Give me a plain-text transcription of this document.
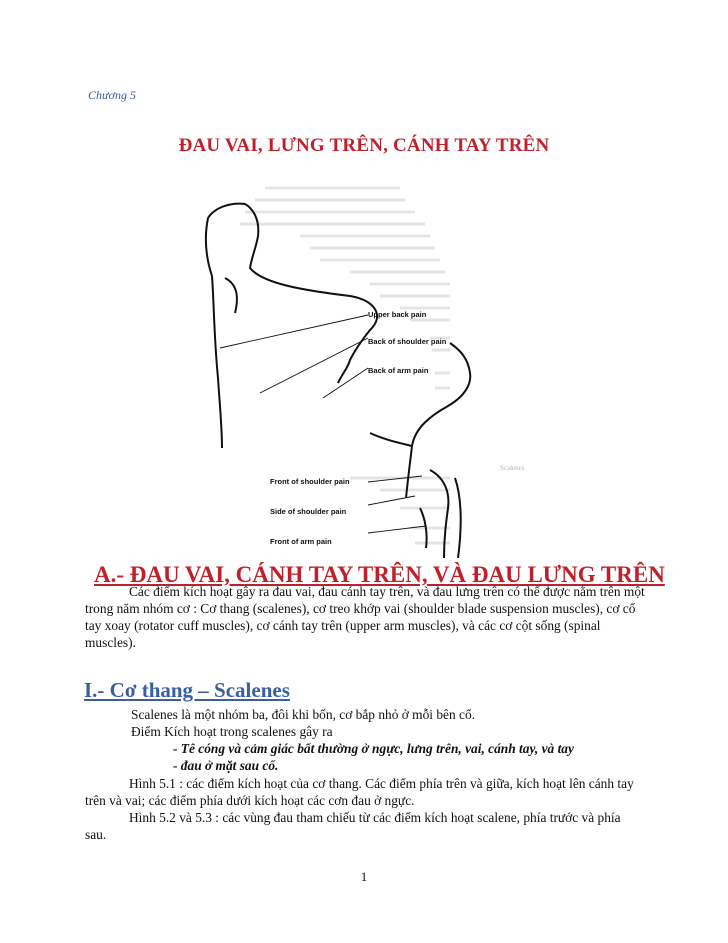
Chương 5
ĐAU VAI, LƯNG TRÊN, CÁNH TAY TRÊN
Scalenes
Upper back pain
Back of shoulder pain
Back of arm pain
Front of shoulder pain
Side of shoulder pain
Front of arm pain
A.- ĐAU VAI, CÁNH TAY TRÊN, VÀ ĐAU LƯNG TRÊN
Các điểm kích hoạt gây ra đau vai, đau cánh tay trên, và đau lưng trên có thể được nằm trên một trong năm nhóm cơ : Cơ thang (scalenes), cơ treo khớp vai (shoulder blade suspension muscles), cơ cổ tay xoay (rotator cuff muscles), cơ cánh tay trên (upper arm muscles), và các cơ cột sống (spinal muscles).
I.- Cơ thang – Scalenes
Scalenes là một nhóm ba, đôi khi bốn, cơ bắp nhỏ ở mỗi bên cổ.
Điểm Kích hoạt trong scalenes gây ra
- Tê cóng và cảm giác bất thường ở ngực, lưng trên, vai, cánh tay, và tay
- đau ở mặt sau cổ.
Hình 5.1 : các điểm kích hoạt của cơ thang. Các điểm phía trên và giữa, kích hoạt lên cánh tay trên và vai; các điểm phía dưới kích hoạt các cơn đau ở ngực.
Hình 5.2 và 5.3 : các vùng đau tham chiếu từ các điểm kích hoạt scalene, phía trước và phía sau.
1
